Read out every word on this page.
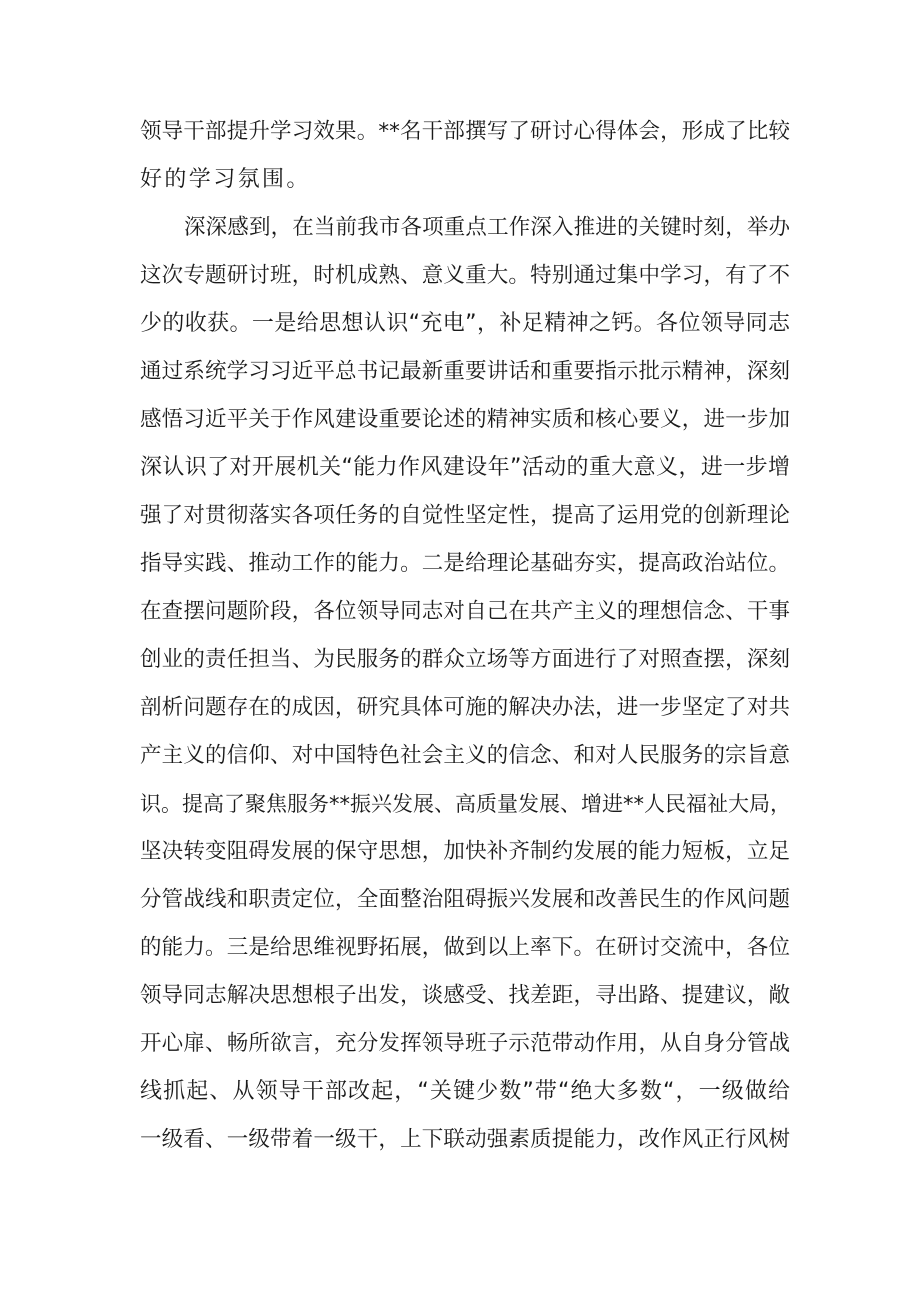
领导干部提升学习效果。**名干部撰写了研讨心得体会，形成了比较
好的学习氛围。
深深感到，在当前我市各项重点工作深入推进的关键时刻，举办
这次专题研讨班，时机成熟、意义重大。特别通过集中学习，有了不
少的收获。一是给思想认识“充电”，补足精神之钙。各位领导同志
通过系统学习习近平总书记最新重要讲话和重要指示批示精神，深刻
感悟习近平关于作风建设重要论述的精神实质和核心要义，进一步加
深认识了对开展机关“能力作风建设年”活动的重大意义，进一步增
强了对贯彻落实各项任务的自觉性坚定性，提高了运用党的创新理论
指导实践、推动工作的能力。二是给理论基础夯实，提高政治站位。
在查摆问题阶段，各位领导同志对自己在共产主义的理想信念、干事
创业的责任担当、为民服务的群众立场等方面进行了对照查摆，深刻
剖析问题存在的成因，研究具体可施的解决办法，进一步坚定了对共
产主义的信仰、对中国特色社会主义的信念、和对人民服务的宗旨意
识。提高了聚焦服务**振兴发展、高质量发展、增进**人民福祉大局，
坚决转变阻碍发展的保守思想，加快补齐制约发展的能力短板，立足
分管战线和职责定位，全面整治阻碍振兴发展和改善民生的作风问题
的能力。三是给思维视野拓展，做到以上率下。在研讨交流中，各位
领导同志解决思想根子出发，谈感受、找差距，寻出路、提建议，敞
开心扉、畅所欲言，充分发挥领导班子示范带动作用，从自身分管战
线抓起、从领导干部改起，“关键少数”带“绝大多数“，一级做给
一级看、一级带着一级干，上下联动强素质提能力，改作风正行风树
